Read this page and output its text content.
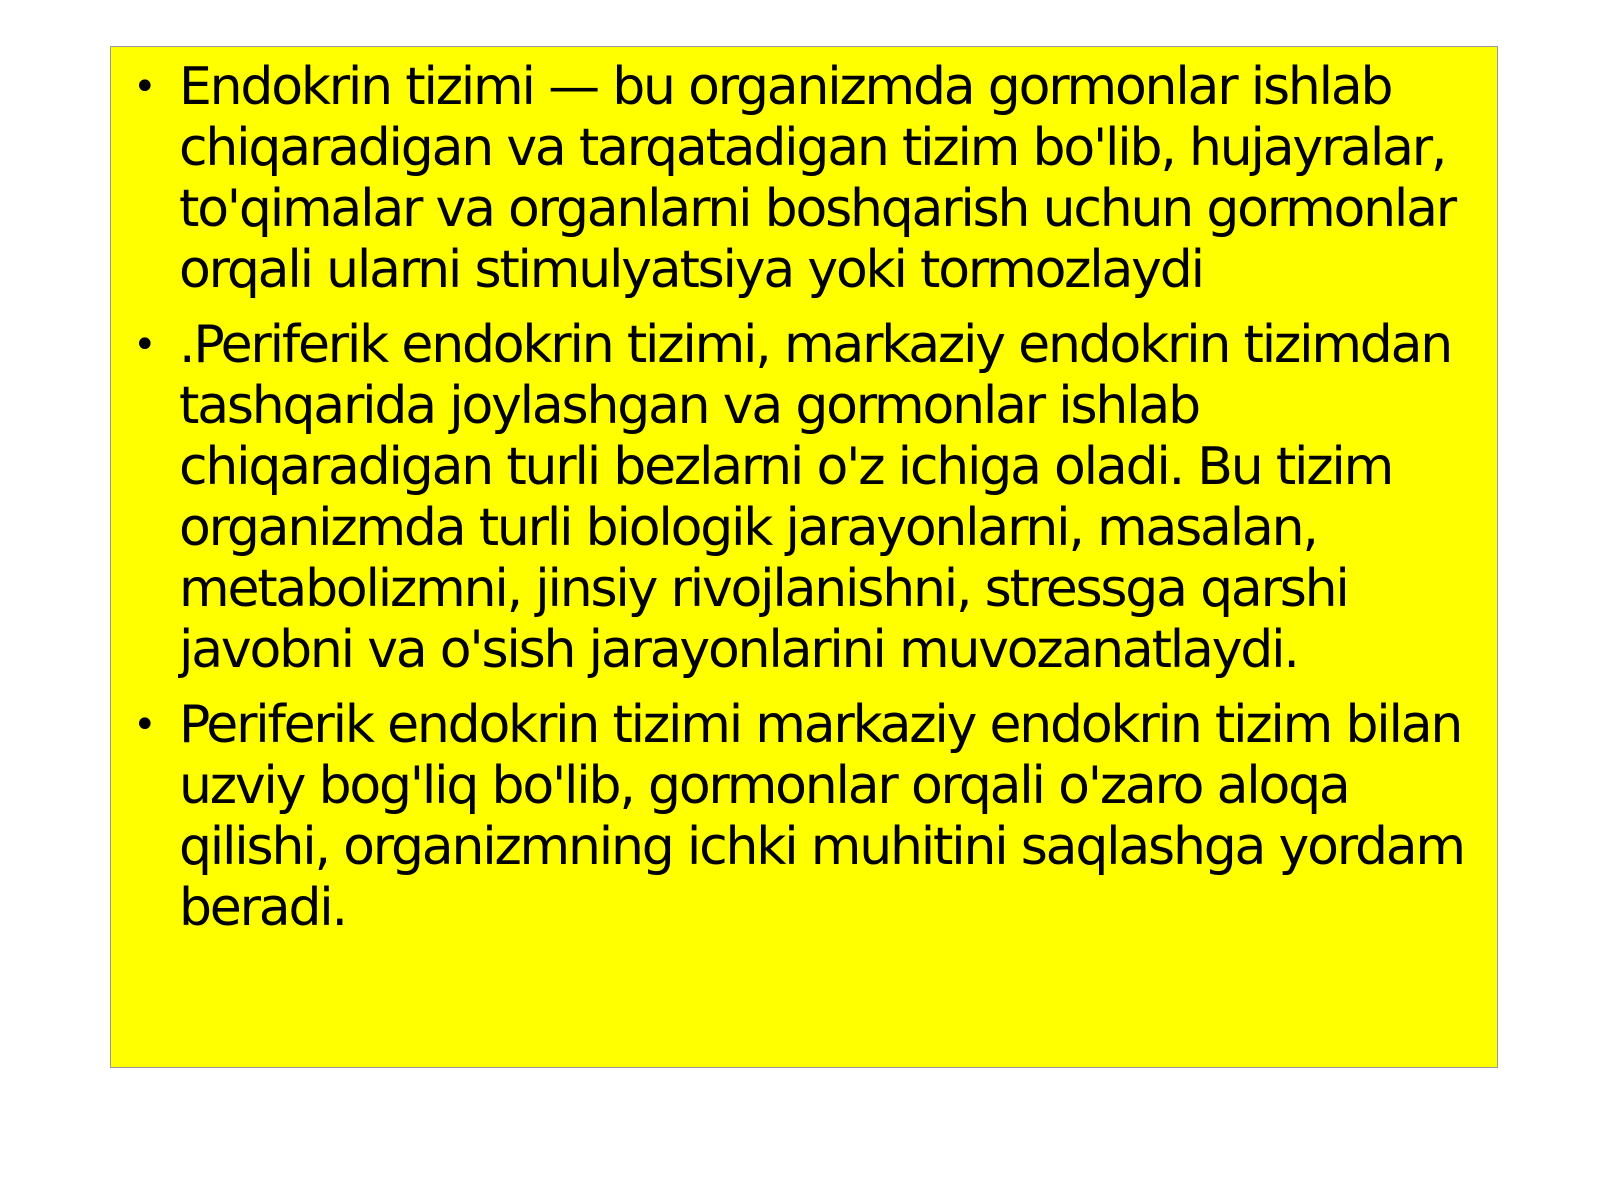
• Endokrin tizimi — bu organizmda gormonlar ishlab chiqaradigan va tarqatadigan tizim bo'lib, hujayralar, to'qimalar va organlarni boshqarish uchun gormonlar orqali ularni stimulyatsiya yoki tormozlaydi
• .Periferik endokrin tizimi, markaziy endokrin tizimdan tashqarida joylashgan va gormonlar ishlab chiqaradigan turli bezlarni o'z ichiga oladi. Bu tizim organizmda turli biologik jarayonlarni, masalan, metabolizmni, jinsiy rivojlanishni, stressga qarshi javobni va o'sish jarayonlarini muvozanatlaydi.
• Periferik endokrin tizimi markaziy endokrin tizim bilan uzviy bog'liq bo'lib, gormonlar orqali o'zaro aloqa qilishi, organizmning ichki muhitini saqlashga yordam beradi.
